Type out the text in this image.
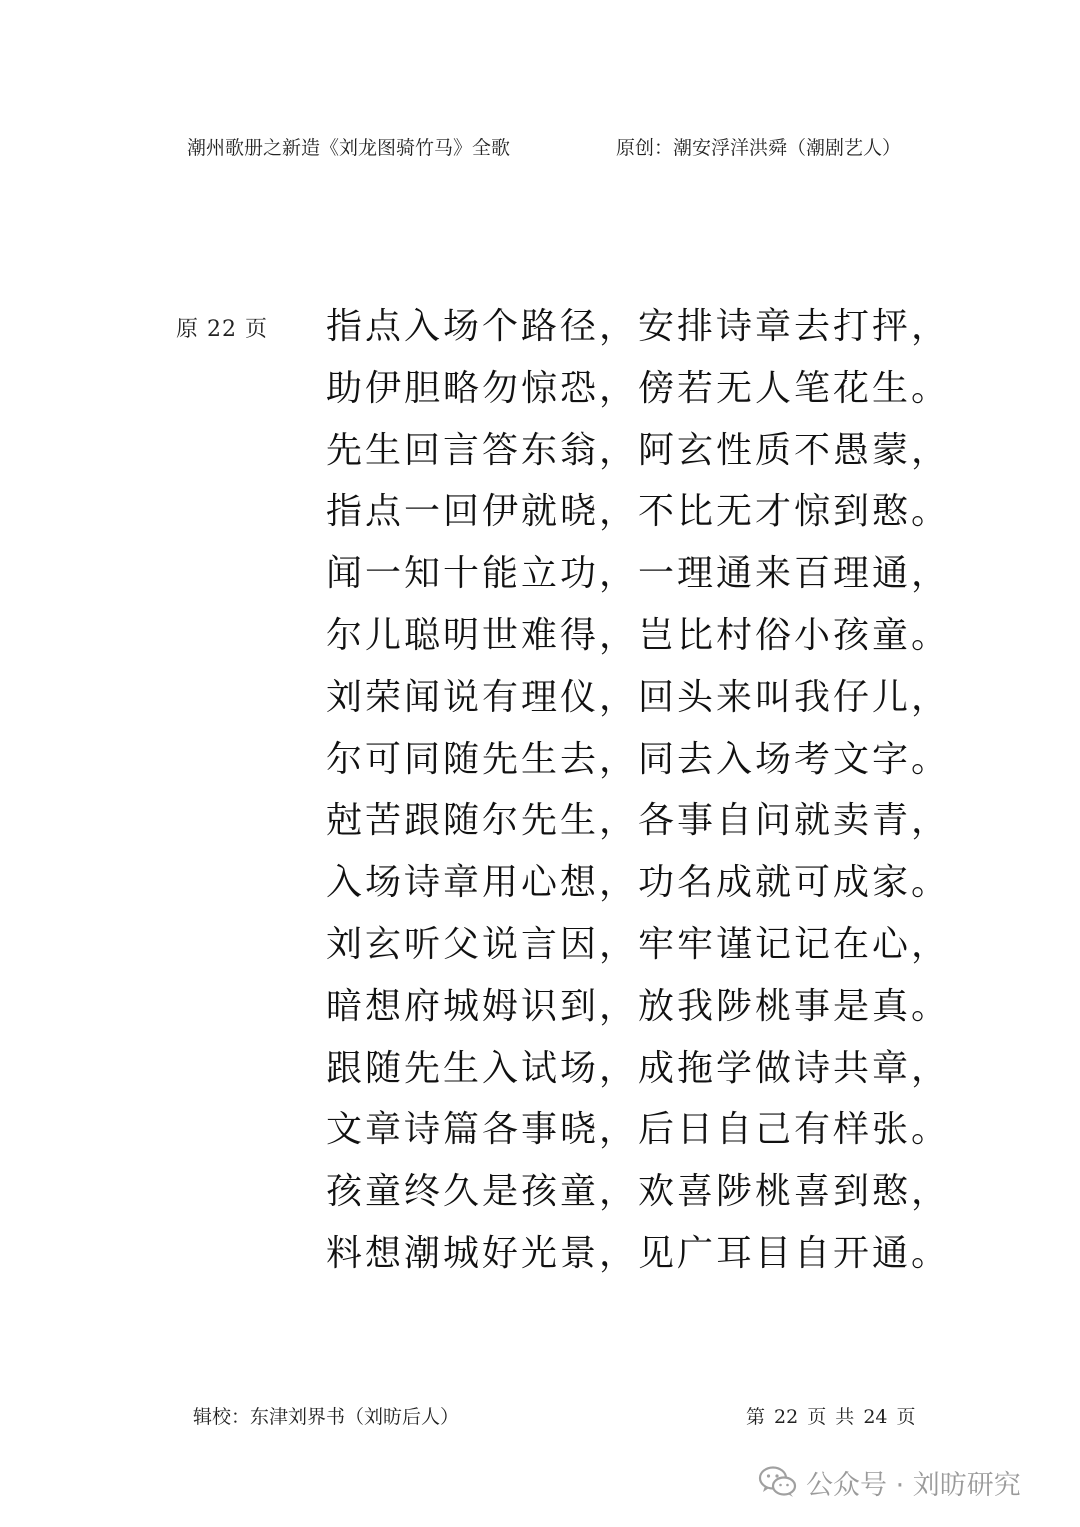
潮州歌册之新造《刘龙图骑竹马》全歌	原创：潮安浮洋洪舜（潮剧艺人）
原 22 页 指点入场个路径，安排诗章去打抨，
助伊胆略勿惊恐，傍若无人笔花生。
先生回言答东翁，阿玄性质不愚蒙，
指点一回伊就晓，不比无才惊到憨。
闻一知十能立功，一理通来百理通，
尔儿聪明世难得，岂比村俗小孩童。
刘荣闻说有理仪，回头来叫我仔儿，
尔可同随先生去，同去入场考文字。
尅苦跟随尔先生，各事自问就卖青，
入场诗章用心想，功名成就可成家。
刘玄听父说言因，牢牢谨记记在心，
暗想府城姆识到，放我陟桃事是真。
跟随先生入试场，成拖学做诗共章，
文章诗篇各事晓，后日自己有样张。
孩童终久是孩童，欢喜陟桃喜到憨，
料想潮城好光景，见广耳目自开通。
辑校：东津刘界书（刘昉后人）	第 22 页 共 24 页
公众号 · 刘昉研究
